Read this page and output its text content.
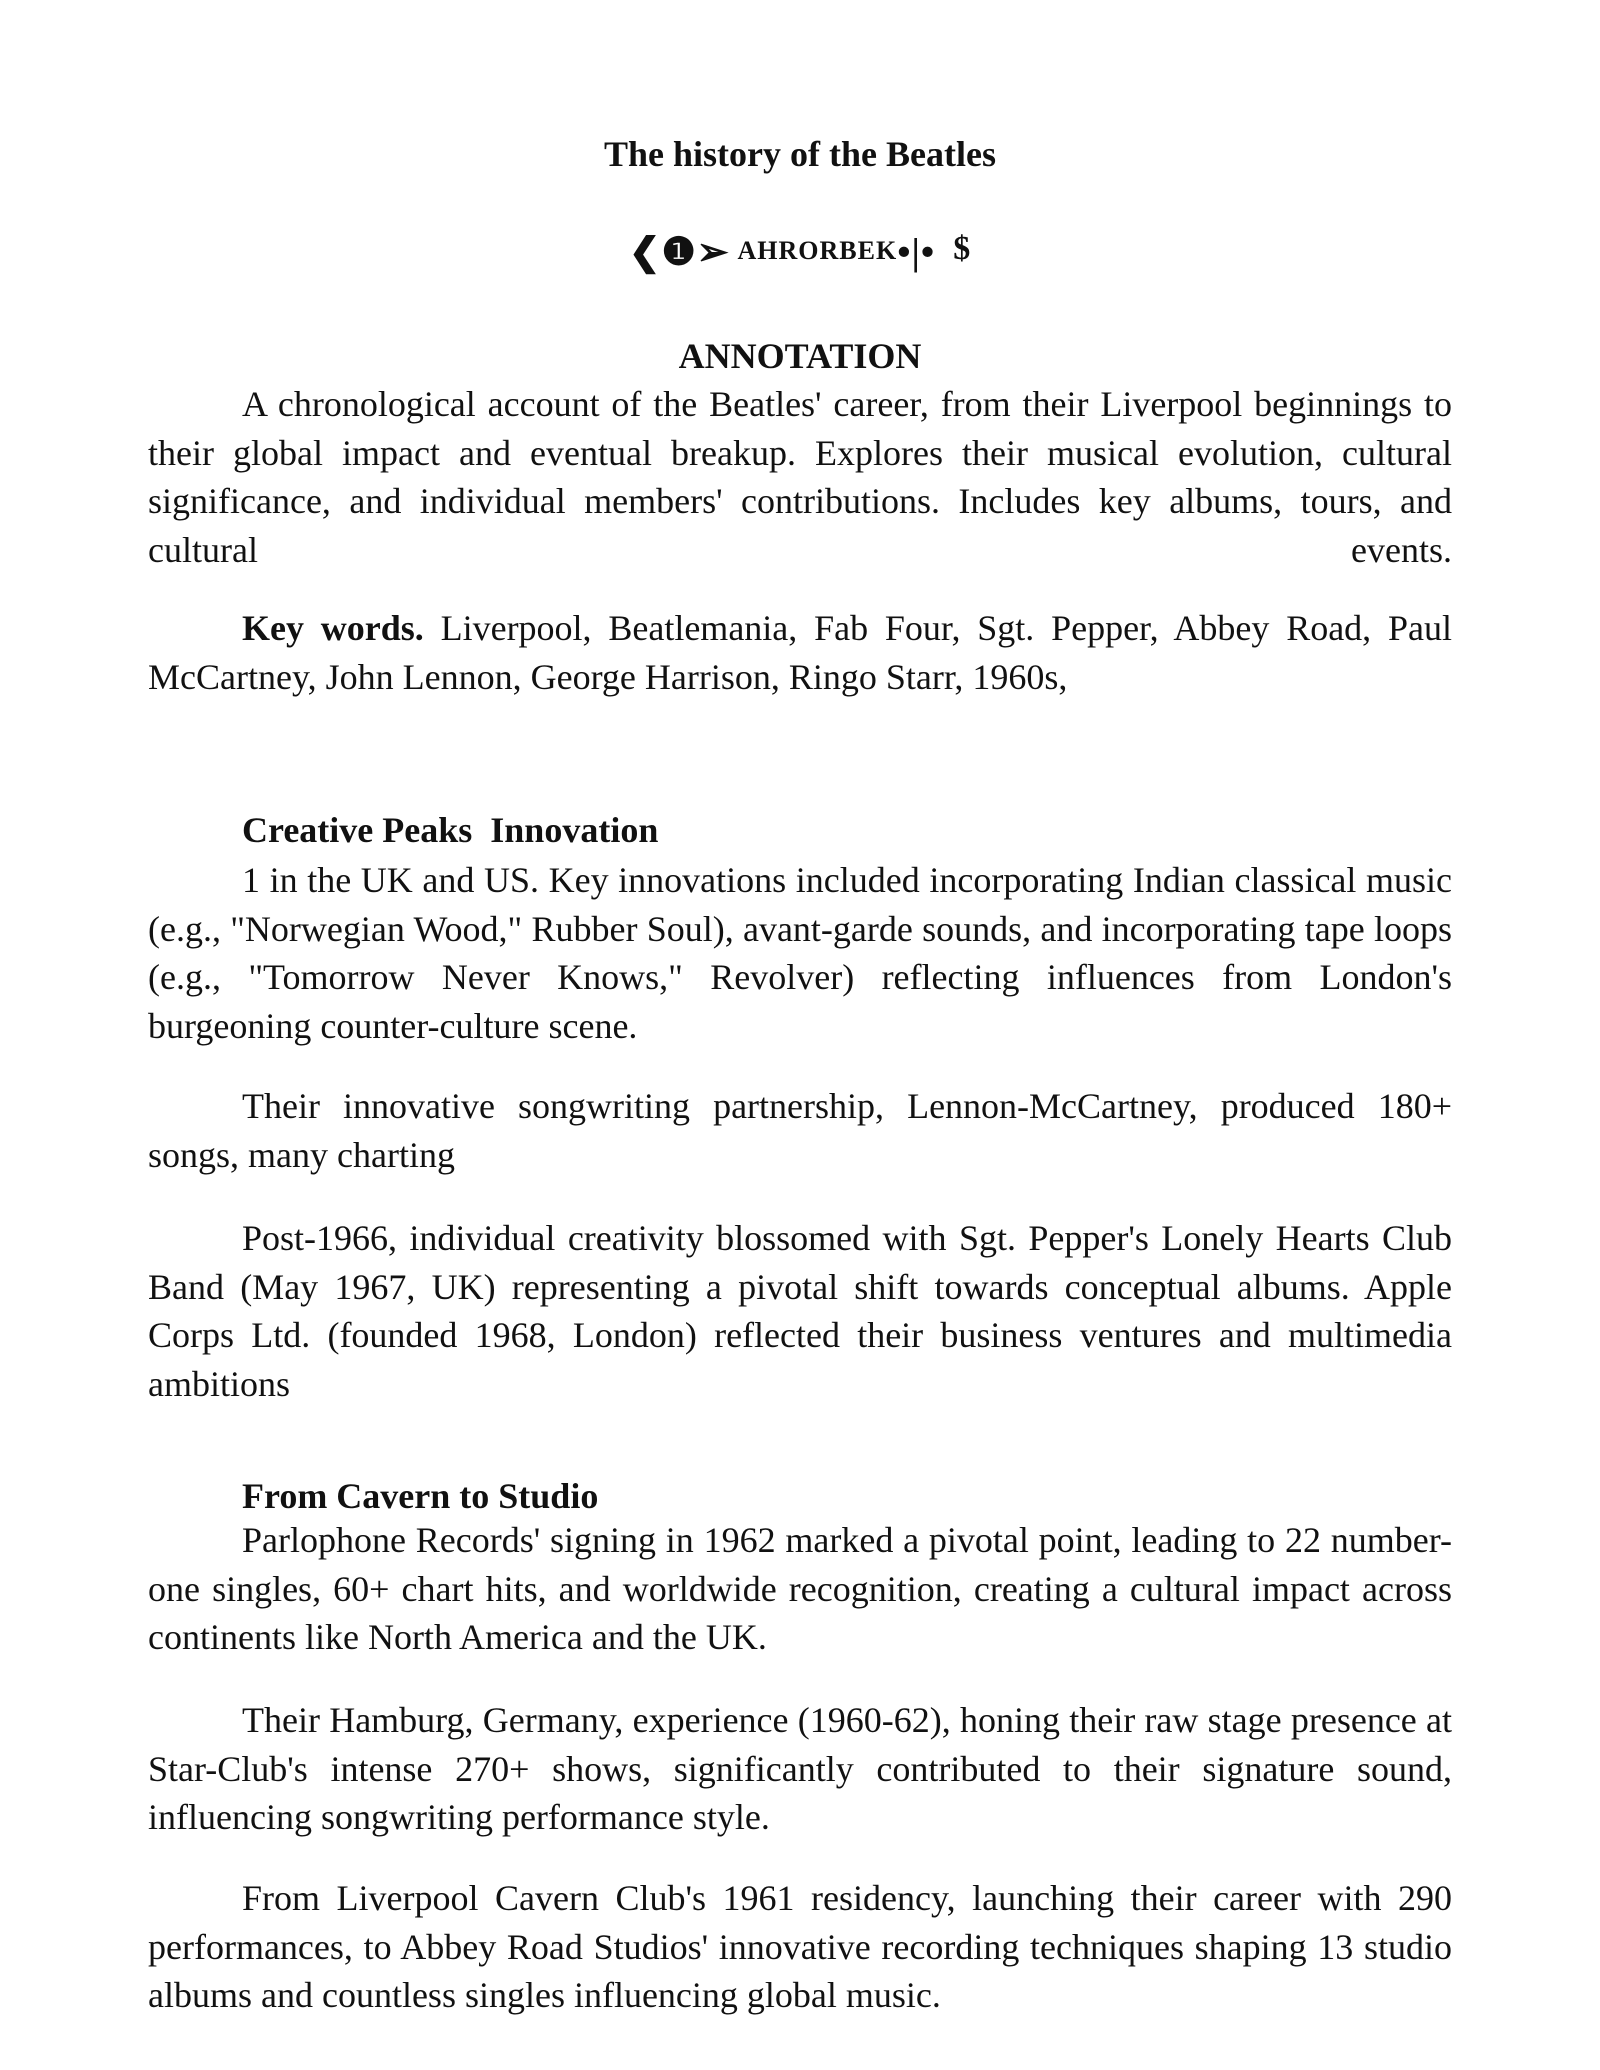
The history of the Beatles
❮❶➢ AHRORBEK•|• $
ANNOTATION

A chronological account of the Beatles' career, from their Liverpool beginnings to their global impact and eventual breakup. Explores their musical evolution, cultural significance, and individual members' contributions. Includes key albums, tours, and cultural events.

Key words. Liverpool, Beatlemania, Fab Four, Sgt. Pepper, Abbey Road, Paul McCartney, John Lennon, George Harrison, Ringo Starr, 1960s,

Creative Peaks  Innovation

1 in the UK and US. Key innovations included incorporating Indian classical music (e.g., "Norwegian Wood," Rubber Soul), avant-garde sounds, and incorporating tape loops (e.g., "Tomorrow Never Knows," Revolver) reflecting influences from London's burgeoning counter-culture scene.

Their innovative songwriting partnership, Lennon-McCartney, produced 180+ songs, many charting

Post-1966, individual creativity blossomed with Sgt. Pepper's Lonely Hearts Club Band (May 1967, UK) representing a pivotal shift towards conceptual albums. Apple Corps Ltd. (founded 1968, London) reflected their business ventures and multimedia ambitions

From Cavern to Studio

Parlophone Records' signing in 1962 marked a pivotal point, leading to 22 number-one singles, 60+ chart hits, and worldwide recognition, creating a cultural impact across continents like North America and the UK.

Their Hamburg, Germany, experience (1960-62), honing their raw stage presence at Star-Club's intense 270+ shows, significantly contributed to their signature sound, influencing songwriting performance style.

From Liverpool Cavern Club's 1961 residency, launching their career with 290 performances, to Abbey Road Studios' innovative recording techniques shaping 13 studio albums and countless singles influencing global music.
